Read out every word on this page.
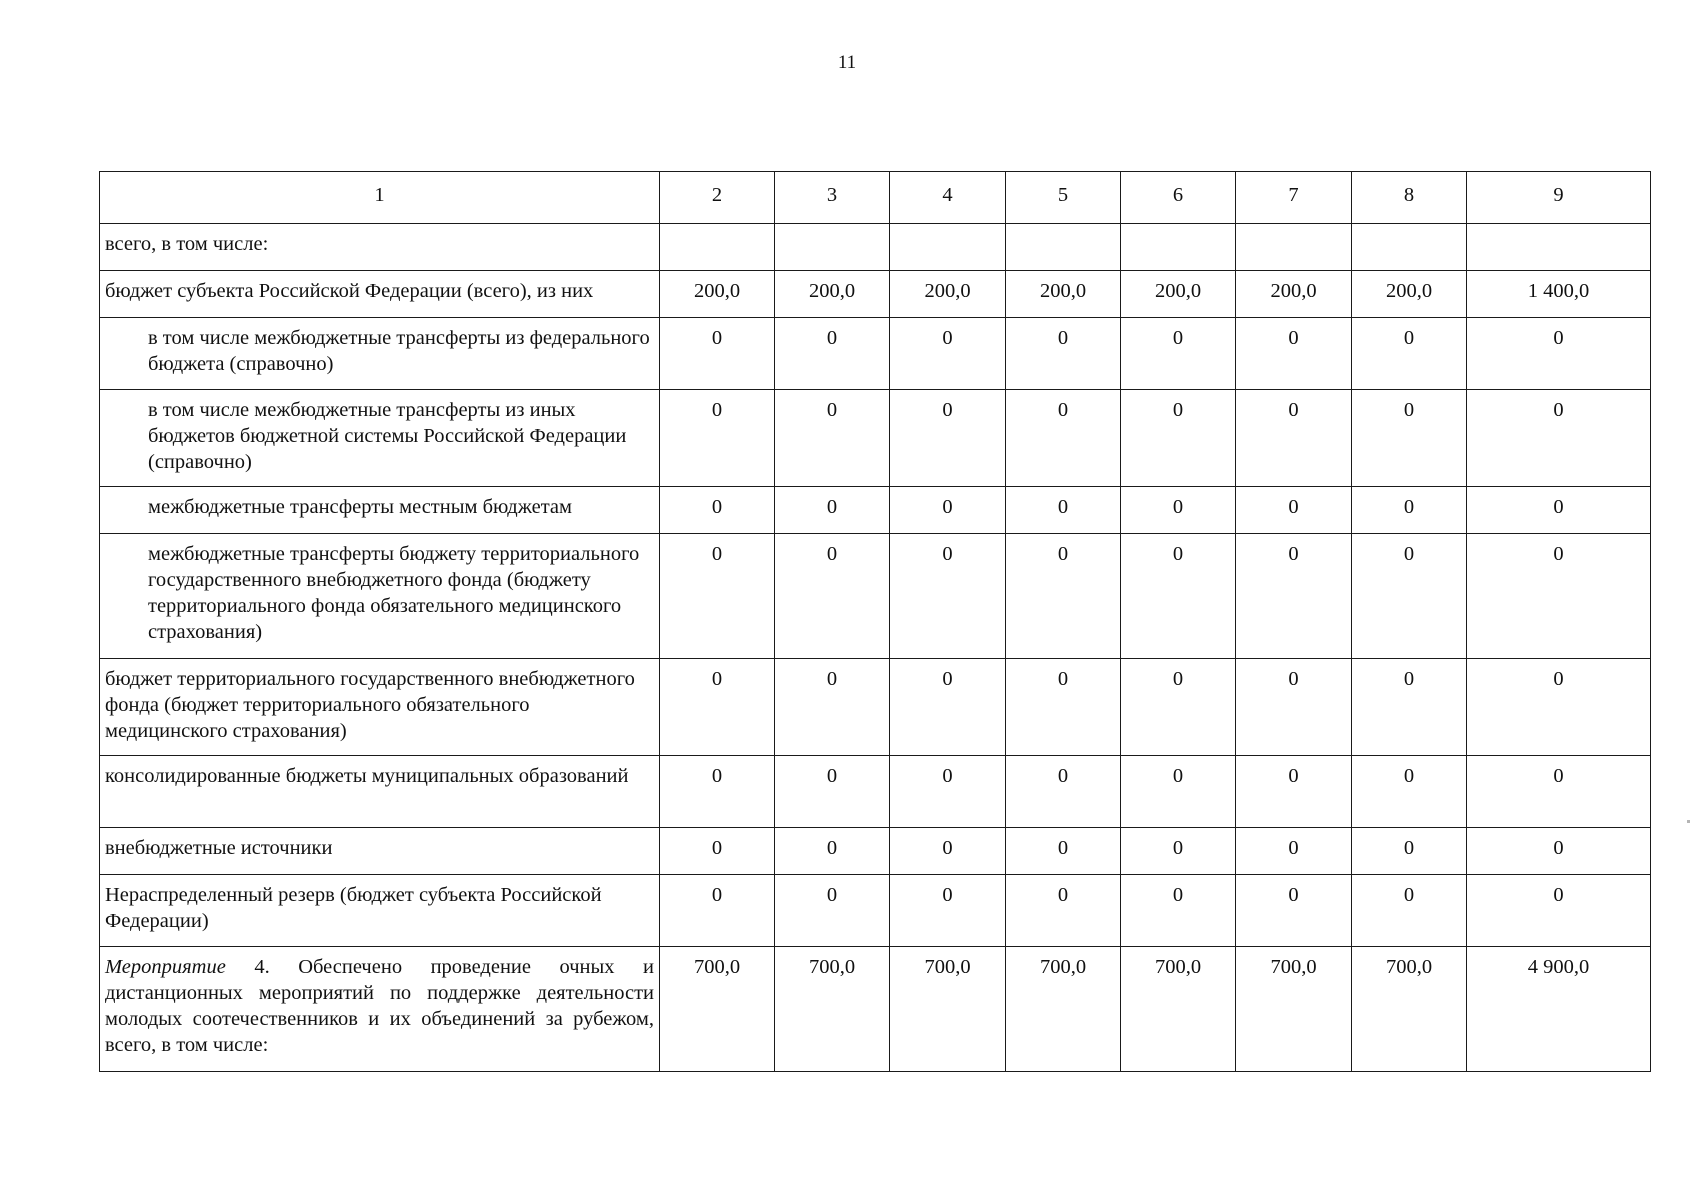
11
1	2	3	4	5	6	7	8	9
всего, в том числе:								
бюджет субъекта Российской Федерации (всего), из них	200,0	200,0	200,0	200,0	200,0	200,0	200,0	1 400,0
в том числе межбюджетные трансферты из федерального бюджета (справочно)	0	0	0	0	0	0	0	0
в том числе межбюджетные трансферты из иных бюджетов бюджетной системы Российской Федерации (справочно)	0	0	0	0	0	0	0	0
межбюджетные трансферты местным бюджетам	0	0	0	0	0	0	0	0
межбюджетные трансферты бюджету территориального государственного внебюджетного фонда (бюджету территориального фонда обязательного медицинского страхования)	0	0	0	0	0	0	0	0
бюджет территориального государственного внебюджетного фонда (бюджет территориального обязательного медицинского страхования)	0	0	0	0	0	0	0	0
консолидированные бюджеты муниципальных образований	0	0	0	0	0	0	0	0
внебюджетные источники	0	0	0	0	0	0	0	0
Нераспределенный резерв (бюджет субъекта Российской Федерации)	0	0	0	0	0	0	0	0
Мероприятие 4. Обеспечено проведение очных и дистанционных мероприятий по поддержке деятельности молодых соотечественников и их объединений за рубежом, всего, в том числе:	700,0	700,0	700,0	700,0	700,0	700,0	700,0	4 900,0
